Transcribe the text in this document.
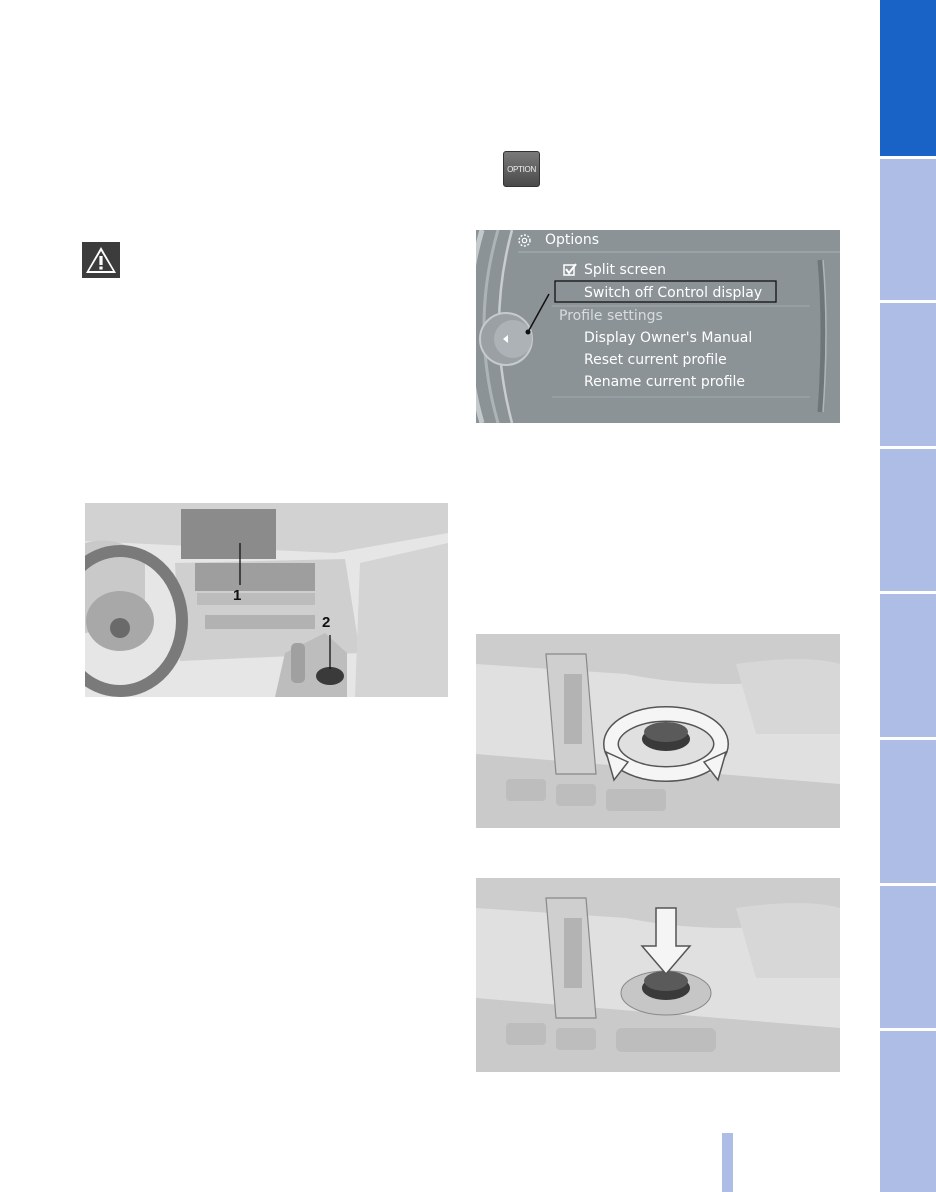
OPTION
Options
Split screen
Switch off Control display
Profile settings
Display Owner's Manual
Reset current profile
Rename current profile
1
2
